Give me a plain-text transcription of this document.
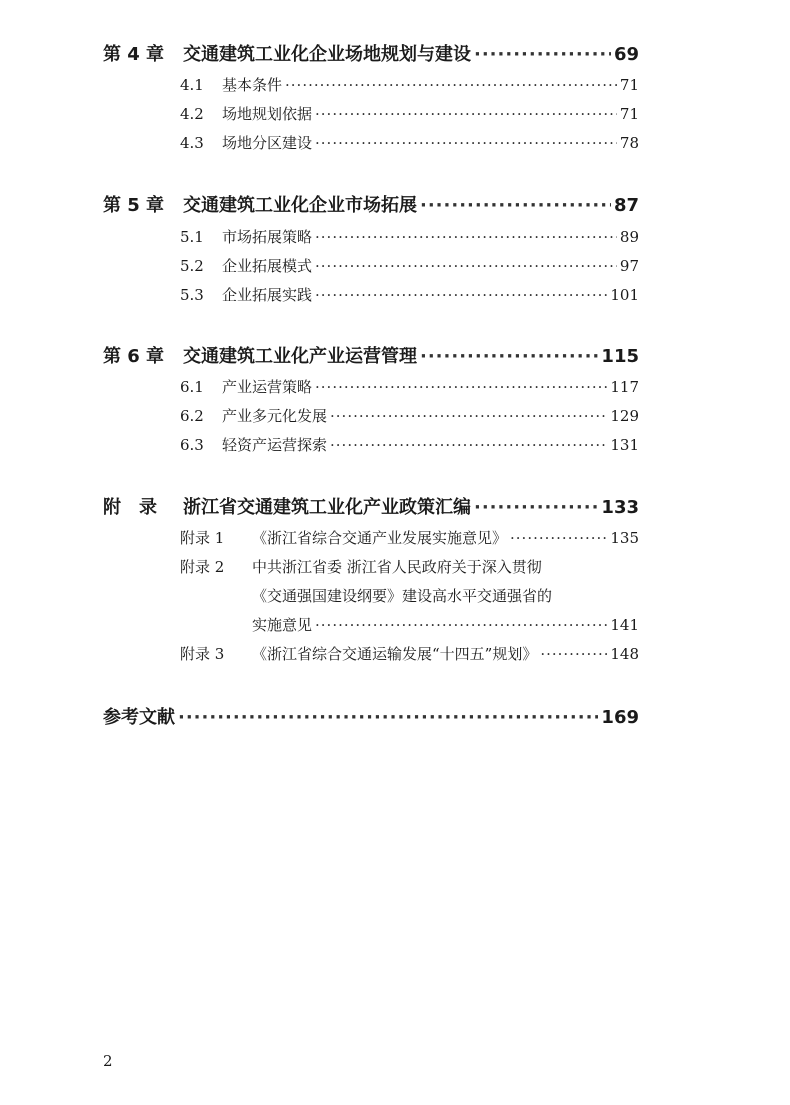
第 4 章	交通建筑工业化企业场地规划与建设 ·····	69
4.1	基本条件 ·····	71
4.2	场地规划依据 ·····	71
4.3	场地分区建设 ·····	78
第 5 章	交通建筑工业化企业市场拓展 ·····	87
5.1	市场拓展策略 ·····	89
5.2	企业拓展模式 ·····	97
5.3	企业拓展实践 ·····	101
第 6 章	交通建筑工业化产业运营管理 ·····	115
6.1	产业运营策略 ·····	117
6.2	产业多元化发展 ·····	129
6.3	轻资产运营探索 ·····	131
附　录	浙江省交通建筑工业化产业政策汇编 ·····	133
附录 1	《浙江省综合交通产业发展实施意见》 ·····	135
附录 2	中共浙江省委 浙江省人民政府关于深入贯彻
《交通强国建设纲要》建设高水平交通强省的
实施意见 ·····	141
附录 3	《浙江省综合交通运输发展“十四五”规划》 ·····	148
参考文献 ·····	169
2
